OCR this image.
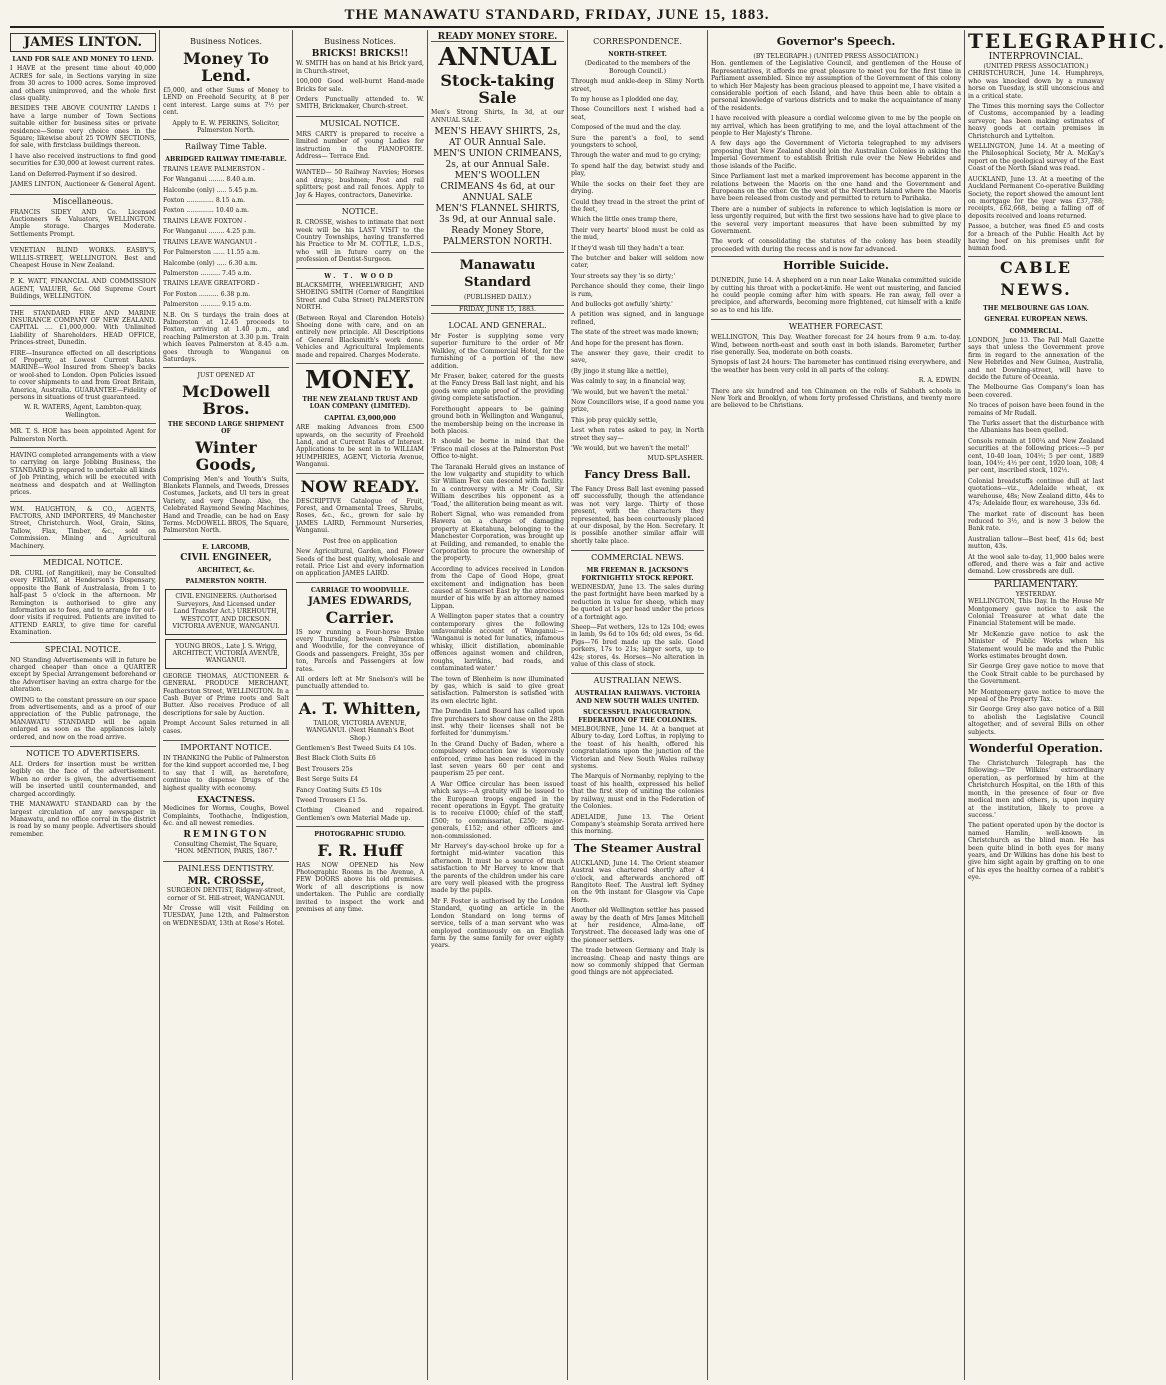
THE MANAWATU STANDARD, FRIDAY, JUNE 15, 1883.
JAMES LINTON.
LAND FOR SALE AND MONEY TO LEND.
I HAVE at the present time about 40,000 ACRES for sale, in Sections varying in size from 30 acres to 1000 acres. Some improved and others unimproved, and the whole first class quality.
BESIDES THE ABOVE COUNTRY LANDS I have a large number of Town Sections suitable either for business sites or private residence—Some very choice ones in the Square; likewise about 25 TOWN SECTIONS, for sale, with firstclass buildings thereon.
I have also received instructions to find good securities for £30,000 at lowest current rates.
Land on Deferred-Payment if so desired.
JAMES LINTON, Auctioneer & General Agent.
Miscellaneous.
FRANCIS SIDEY AND Co. Licensed Auctioneers & Valuators, WELLINGTON. Ample storage. Charges Moderate. Settlements Prompt.
VENETIAN BLIND WORKS. EASBY'S, WILLIS-STREET, WELLINGTON. Best and Cheapest House in New Zealand.
P. K. WATT, FINANCIAL AND COMMISSION AGENT, VALUER, &c. Old Supreme Court Buildings, WELLINGTON.
THE STANDARD FIRE AND MARINE INSURANCE COMPANY OF NEW ZEALAND. CAPITAL .... £1,000,000. With Unlimited Liability of Shareholders. HEAD OFFICE, Princes-street, Dunedin.
FIRE—Insurance effected on all descriptions of Property, at Lowest Current Rates. MARINE—Wool Insured from Sheep's backs or wool-shed to London. Open Policies issued to cover shipments to and from Great Britain, America, Australia. GUARANTEE—Fidelity of persons in situations of trust guaranteed.
W. R. WATERS, Agent, Lambton-quay, Wellington.
MR. T. S. HOE has been appointed Agent for Palmerston North.
HAVING completed arrangements with a view to carrying on large Jobbing Business, the STANDARD is prepared to undertake all kinds of Job Printing, which will be executed with neatness and despatch and at Wellington prices.
WM. HAUGHTON, & CO., AGENTS, FACTORS, AND IMPORTERS, 49 Manchester Street, Christchurch. Wool, Grain, Skins, Tallow, Flax, Timber, &c., sold on Commission. Mining and Agricultural Machinery.
MEDICAL NOTICE.
DR. CURL (of Rangitikei), may be Consulted every FRIDAY, at Henderson's Dispensary, opposite the Bank of Australasia, from 1 to half-past 5 o'clock in the afternoon. Mr Remington is authorised to give any information as to fees, and to arrange for out-door visits if required. Patients are invited to ATTEND EARLY, to give time for careful Examination.
SPECIAL NOTICE.
NO Standing Advertisements will in future be charged cheaper than once a QUARTER except by Special Arrangement beforehand or the Advertiser having an extra charge for the alteration.
OWING to the constant pressure on our space from advertisements, and as a proof of our appreciation of the Public patronage, the MANAWATU STANDARD will be again enlarged as soon as the appliances lately ordered, and now on the road arrive.
NOTICE TO ADVERTISERS.
ALL Orders for insertion must be written legibly on the face of the advertisement. When no order is given, the advertisement will be inserted until countermanded, and charged accordingly.
THE MANAWATU STANDARD can by the largest circulation of any newspaper in Manawatu, and no office corral in the district is read by so many people. Advertisers should remember.
Business Notices.
Money To Lend.
£5,000, and other Sums of Money to LEND on Freehold Security, at 8 per cent interest. Large sums at 7½ per cent.
Apply to E. W. PERKINS, Solicitor, Palmerston North.
Railway Time Table.
ABRIDGED RAILWAY TIME-TABLE.
TRAINS LEAVE PALMERSTON -
For Wanganui ........ 8.40 a.m.
Halcombe (only) ..... 5.45 p.m.
Foxton .............. 8.15 a.m.
Foxton .............. 10.40 a.m.
TRAINS LEAVE FOXTON -
For Wanganui ........ 4.25 p.m.
TRAINS LEAVE WANGANUI -
For Palmerston ...... 11.55 a.m.
Halcombe (only) ..... 6.30 a.m.
Palmerston .......... 7.45 a.m.
TRAINS LEAVE GREATFORD -
For Foxton .......... 6.38 p.m.
Palmerston .......... 9.15 a.m.
N.B. On S turdays the train does at Palmerston at 12.45 proceeds to Foxton, arriving at 1.40 p.m., and reaching Palmerston at 3.30 p.m. Train which leaves Palmerston at 8.45 a.m. goes through to Wanganui on Saturdays.
JUST OPENED AT
McDowell Bros.
THE SECOND LARGE SHIPMENT OF
Winter Goods,
Comprising Men's and Youth's Suits, Blankets Flannels, and Tweeds, Dresses Costumes, Jackets, and Ul ters in great Variety, and very Cheap. Also, the Celebrated Raymond Sewing Machines, Hand and Treadle, can be had on Easy Terms. McDOWELL BROS, The Square, Palmerston North.
E. LARCOMB,
CIVIL ENGINEER,
ARCHITECT, &c.
PALMERSTON NORTH.
CIVIL ENGINEERS. (Authorised Surveyors, And Licensed under Land Transfer Act.) UREHOUTH, WESTCOTT, AND DICKSON. VICTORIA AVENUE, WANGANUI.
YOUNG BROS., Late J. S. Wrigg, ARCHITECT, VICTORIA AVENUE, WANGANUI.
GEORGE THOMAS, AUCTIONEER & GENERAL PRODUCE MERCHANT, Featherston Street, WELLINGTON. In a Cash Buyer of Prime roots and Salt Butter. Also receives Produce of all descriptions for sale by Auction.
Prompt Account Sales returned in all cases.
IMPORTANT NOTICE.
IN THANKING the Public of Palmerston for the kind support accorded me, I beg to say that I will, as heretofore, continue to dispense Drugs of the highest quality with economy.
EXACTNESS.
Medicines for Worms, Coughs, Bowel Complaints, Toothache, Indigestion, &c. and all newest remedies.
REMINGTON
Consulting Chemist, The Square, "HON. MENTION, PARIS, 1867."
PAINLESS DENTISTRY.
MR. CROSSE,
SURGEON DENTIST, Ridgway-street, corner of St. Hill-street, WANGANUI.
Mr Crosse will visit Feilding on TUESDAY, June 12th, and Palmerston on WEDNESDAY, 13th at Rose's Hotel.
Business Notices.
BRICKS! BRICKS!!
W. SMITH has on hand at his Brick yard, in Church-street,
100,000 Good well-burnt Hand-made Bricks for sale.
Orders Punctually attended to. W. SMITH, Brickmaker, Church-street.
MUSICAL NOTICE.
MRS CARTY is prepared to receive a limited number of young Ladies for instruction in the PIANOFORTE. Address— Terrace End.
WANTED— 50 Railway Navvies; Horses and drays; bushmen; Post and rail splitters; post and rail fences. Apply to Jay & Hayes, contractors, Danevirke.
NOTICE.
R. CROSSE, wishes to intimate that next week will be his LAST VISIT to the Country Townships, having transferred his Practice to Mr M. COTTLE, L.D.S., who will in future carry on the profession of Dentist-Surgeon.
W. T. WOOD
BLACKSMITH, WHEELWRIGHT, AND SHOEING SMITH (Corner of Rangitikei Street and Cuba Street) PALMERSTON NORTH.
(Between Royal and Clarendon Hotels) Shoeing done with care, and on an entirely new principle. All Descriptions of General Blacksmith's work done. Vehicles and Agricultural Implements made and repaired. Charges Moderate.
MONEY.
THE NEW ZEALAND TRUST AND LOAN COMPANY (LIMITED).
CAPITAL £3,000,000
ARE making Advances from £500 upwards, on the security of Freehold Land, and at Current Rates of Interest. Applications to be sent in to WILLIAM HUMPHRIES, AGENT, Victoria Avenue, Wanganui.
NOW READY.
DESCRIPTIVE Catalogue of Fruit, Forest, and Ornamental Trees, Shrubs, Roses, &c., &c., grown for sale by JAMES LAIRD, Fernmount Nurseries, Wanganui.
Post free on application
New Agricultural, Garden, and Flower Seeds of the best quality, wholesale and retail. Price List and every information on application JAMES LAIRD.
CARRIAGE TO WOODVILLE.
JAMES EDWARDS,
Carrier.
IS now running a Four-horse Brake every Thursday, between Palmerston and Woodville, for the conveyance of Goods and passengers. Freight, 35s per ton, Parcels and Passengers at low rates.
All orders left at Mr Snelson's will be punctually attended to.
A. T. Whitten,
TAILOR, VICTORIA AVENUE, WANGANUI. (Next Hannah's Boot Shop.)
Gentlemen's Best Tweed Suits £4 10s.
Best Black Cloth Suits £6
Best Trousers 25s
Best Serge Suits £4
Fancy Coating Suits £5 10s
Tweed Trousers £1 5s.
Clothing Cleaned and repaired. Gentlemen's own Material Made up.
PHOTOGRAPHIC STUDIO.
F. R. Huff
HAS NOW OPENED his New Photographic Rooms in the Avenue, A FEW DOORS above his old premises. Work of all descriptions is now undertaken. The Public are cordially invited to inspect the work and premises at any time.
READY MONEY STORE.
ANNUAL
Stock-taking Sale
Men's Strong Shirts, In 3d, at our ANNUAL SALE.
MEN'S HEAVY SHIRTS, 2s, AT OUR Annual Sale.
MEN'S UNION CRIMEANS, 2s, at our Annual Sale.
MEN'S WOOLLEN CRIMEANS 4s 6d, at our ANNUAL SALE
MEN'S FLANNEL SHIRTS, 3s 9d, at our Annual sale.
Ready Money Store, PALMERSTON NORTH.
Manawatu Standard
(PUBLISHED DAILY.)
FRIDAY, JUNE 15, 1883.
LOCAL AND GENERAL.
Mr Foster is supplying some very superior furniture to the order of Mr Walkley, of the Commercial Hotel, for the furnishing of a portion of the new addition.
Mr Fraser, baker, catered for the guests at the Fancy Dress Ball last night, and his goods were ample proof of the providing giving complete satisfaction.
Forethought appears to be gaining ground both in Wellington and Wanganui, the membership being on the increase in both places.
It should be borne in mind that the 'Frisco mail closes at the Palmerston Post Office to-night.
The Taranaki Herald gives an instance of the low vulgarity and stupidity to which Sir William Fox can descend with facility. In a controversy with a Mr Coad, Sir William describes his opponent as a 'Toad,' the alliteration being meant as wit.
Robert Signal, who was remanded from Hawera on a charge of damaging property at Eketahuna, belonging to the Manchester Corporation, was brought up at Feilding, and remanded, to enable the Corporation to procure the ownership of the property.
According to advices received in London from the Cape of Good Hope, great excitement and indignation has been caused at Somerset East by the atrocious murder of his wife by an attorney named Lippan.
A Wellington paper states that a country contemporary gives the following unfavourable account of Wanganui:— 'Wanganui is noted for lunatics, infamous whisky, illicit distillation, abominable offences against women and children, roughs, larrikins, bad roads, and contaminated water.'
The town of Blenheim is now illuminated by gas, which is said to give great satisfaction. Palmerston is satisfied with its own electric light.
The Dunedin Land Board has called upon five purchasers to show cause on the 28th inst. why their licenses shall not be forfeited for 'dummyism.'
In the Grand Duchy of Baden, where a compulsory education law is vigorously enforced, crime has been reduced in the last seven years 60 per cent and pauperism 25 per cent.
A War Office circular has been issued which says:—A gratuity will be issued to the European troops engaged in the recent operations in Egypt. The gratuity is to receive £1000; chief of the staff, £500; to commissariat, £250; major-generals, £152; and other officers and non-commissioned.
Mr Harvey's day-school broke up for a fortnight mid-winter vacation this afternoon. It must be a source of much satisfaction to Mr Harvey to know that the parents of the children under his care are very well pleased with the progress made by the pupils.
Mr F. Foster is authorised by the London Standard, quoting an article in the London Standard on long terms of service, tells of a man servant who was employed continuously on an English farm by the same family for over eighty years.
CORRESPONDENCE.
NORTH-STREET.
(Dedicated to the members of the Borough Council.)
Through mud ankle-deep in Slimy North street,
To my house as I plodded one day,
Those Councillors next I wished had a seat,
Composed of the mud and the clay.
Sure the parent's a fool, to send youngsters to school,
Through the water and mud to go crying;
To spend half the day, betwixt study and play,
While the socks on their feet they are drying.
Could they tread in the street the print of the feet,
Which the little ones tramp there,
Their very hearts' blood must be cold as the mud,
If they'd wash till they hadn't a tear.
The butcher and baker will seldom now cater,
Your streets say they 'is so dirty;'
Perchance should they come, their lingo is rum,
And bullocks got awfully 'shirty.'
A petition was signed, and in language refined,
The state of the street was made known;
And hope for the present has flown.
The answer they gave, their credit to save,
(By jingo it stung like a nettle),
Was calmly to say, in a financial way,
'We would, but we haven't the metal.'
Now Councillors wise, if a good name you prize,
This job pray quickly settle,
Lest when rates asked to pay, in North street they say—
'We would, but we haven't the metal!'
MUD-SPLASHER.
Fancy Dress Ball.
The Fancy Dress Ball last evening passed off successfully, though the attendance was not very large. Thirty of those present, with the characters they represented, has been courteously placed at our disposal, by the Hon. Secretary. It is possible another similar affair will shortly take place.
COMMERCIAL NEWS.
MR FREEMAN R. JACKSON'S FORTNIGHTLY STOCK REPORT.
WEDNESDAY, June 13. The sales during the past fortnight have been marked by a reduction in value for sheep, which may be quoted at 1s per head under the prices of a fortnight ago.
Sheep—Fat wethers, 12s to 12s 10d; ewes in lamb, 9s 6d to 10s 6d; old ewes, 5s 6d. Pigs—76 bred made up the sale. Good porkers, 17s to 21s; larger sorts, up to 42s; stores, 4s. Horses—No alteration in value of this class of stock.
AUSTRALIAN NEWS.
AUSTRALIAN RAILWAYS. VICTORIA AND NEW SOUTH WALES UNITED.
SUCCESSFUL INAUGURATION. FEDERATION OF THE COLONIES.
MELBOURNE, June 14. At a banquet at Albury to-day, Lord Loftus, in replying to the toast of his health, offered his congratulations upon the junction of the Victorian and New South Wales railway systems.
The Marquis of Normanby, replying to the toast of his health, expressed his belief that the first step of uniting the colonies by railway, must end in the Federation of the Colonies.
ADELAIDE, June 13. The Orient Company's steamship Sorata arrived here this morning.
The Steamer Austral
AUCKLAND, June 14. The Orient steamer Austral was chartered shortly after 4 o'clock, and afterwards anchored off Rangitoto Reef. The Austral left Sydney on the 9th instant for Glasgow via Cape Horn.
Another old Wellington settler has passed away by the death of Mrs James Mitchell at her residence, Alma-lane, off Torystreet. The deceased lady was one of the pioneer settlers.
The trade between Germany and Italy is increasing. Cheap and nasty things are now so commonly shipped that German good things are not appreciated.
Governor's Speech.
(BY TELEGRAPH.) (UNITED PRESS ASSOCIATION.)
Hon. gentlemen of the Legislative Council, and gentlemen of the House of Representatives, it affords me great pleasure to meet you for the first time in Parliament assembled. Since my assumption of the Government of this colony to which Her Majesty has been gracious pleased to appoint me, I have visited a considerable portion of each Island, and have thus been able to obtain a personal knowledge of various districts and to make the acquaintance of many of the residents.
I have received with pleasure a cordial welcome given to me by the people on my arrival, which has been gratifying to me, and the loyal attachment of the people to Her Majesty's Throne.
A few days ago the Government of Victoria telegraphed to my advisers proposing that New Zealand should join the Australian Colonies in asking the Imperial Government to establish British rule over the New Hebrides and those islands of the Pacific.
Since Parliament last met a marked improvement has become apparent in the relations between the Maoris on the one hand and the Government and Europeans on the other. On the west of the Northern Island where the Maoris have been released from custody and permitted to return to Parihaka.
There are a number of subjects in reference to which legislation is more or less urgently required, but with the first two sessions have had to give place to the several very important measures that have been submitted by my Government.
The work of consolidating the statutes of the colony has been steadily proceeded with during the recess and is now far advanced.
Horrible Suicide.
DUNEDIN, June 14. A shepherd on a run near Lake Wanaka committed suicide by cutting his throat with a pocket-knife. He went out mustering, and fancied he could people coming after him with spears. He ran away, fell over a precipice, and afterwards, becoming more frightened, cut himself with a knife so as to end his life.
WEATHER FORECAST.
WELLINGTON, This Day. Weather forecast for 24 hours from 9 a.m. to-day. Wind, between north-east and south east in both islands. Barometer, further rise generally. Sea, moderate on both coasts.
Synopsis of last 24 hours: The barometer has continued rising everywhere, and the weather has been very cold in all parts of the colony.
R. A. EDWIN.
There are six hundred and ten Chinamen on the rolls of Sabbath schools in New York and Brooklyn, of whom forty professed Christians, and twenty more are believed to be Christians.
TELEGRAPHIC.
INTERPROVINCIAL.
(UNITED PRESS ASSOCIATION.)
CHRISTCHURCH, June 14. Humphreys, who was knocked down by a runaway horse on Tuesday, is still unconscious and in a critical state.
The Times this morning says the Collector of Customs, accompanied by a leading surveyor, has been making estimates of heavy goods at certain premises in Christchurch and Lyttelton.
WELLINGTON, June 14. At a meeting of the Philosophical Society, Mr A. McKay's report on the geological survey of the East Coast of the North Island was read.
AUCKLAND, June 13. At a meeting of the Auckland Permanent Co-operative Building Society, the report showed the amount lent on mortgage for the year was £37,788; receipts, £62,668, being a falling off of deposits received and loans returned.
Passoe, a butcher, was fined £5 and costs for a breach of the Public Health Act by having beef on his premises unfit for human food.
CABLE NEWS.
THE MELBOURNE GAS LOAN.
GENERAL EUROPEAN NEWS.
COMMERCIAL.
LONDON, June 13. The Pall Mall Gazette says that unless the Government prove firm in regard to the annexation of the New Hebrides and New Guinea, Australia, and not Downing-street, will have to decide the future of Oceania.
The Melbourne Gas Company's loan has been covered.
No traces of poison have been found in the remains of Mr Rudall.
The Turks assert that the disturbance with the Albanians has been quelled.
Consols remain at 100¼ and New Zealand securities at the following prices:—5 per cent, 10-40 loan, 104½; 5 per cent, 1889 loan, 104½; 4½ per cent, 1920 loan, 108; 4 per cent, inscribed stock, 102½.
Colonial breadstuffs continue dull at last quotations—viz., Adelaide wheat, ex warehouse, 48s; New Zealand ditto, 44s to 47s; Adelaide flour, ex warehouse, 33s 6d.
The market rate of discount has been reduced to 3½, and is now 3 below the Bank rate.
Australian tallow—Best beef, 41s 6d; best mutton, 43s.
At the wool sale to-day, 11,900 bales were offered, and there was a fair and active demand. Low crossbreds are dull.
PARLIAMENTARY.
YESTERDAY.
WELLINGTON, This Day. In the House Mr Montgomery gave notice to ask the Colonial Treasurer at what date the Financial Statement will be made.
Mr McKenzie gave notice to ask the Minister of Public Works when his Statement would be made and the Public Works estimates brought down.
Sir George Grey gave notice to move that the Cook Strait cable to be purchased by the Government.
Mr Montgomery gave notice to move the repeal of the Property Tax.
Sir George Grey also gave notice of a Bill to abolish the Legislative Council altogether, and of several Bills on other subjects.
Wonderful Operation.
The Christchurch Telegraph has the following:—'Dr Wilkins' extraordinary operation, as performed by him at the Christchurch Hospital, on the 18th of this month, in the presence of four or five medical men and others, is, upon inquiry at the institution, likely to prove a success.'
The patient operated upon by the doctor is named Hamlin, well-known in Christchurch as the blind man. He has been quite blind in both eyes for many years, and Dr Wilkins has done his best to give him sight again by grafting on to one of his eyes the healthy cornea of a rabbit's eye.
